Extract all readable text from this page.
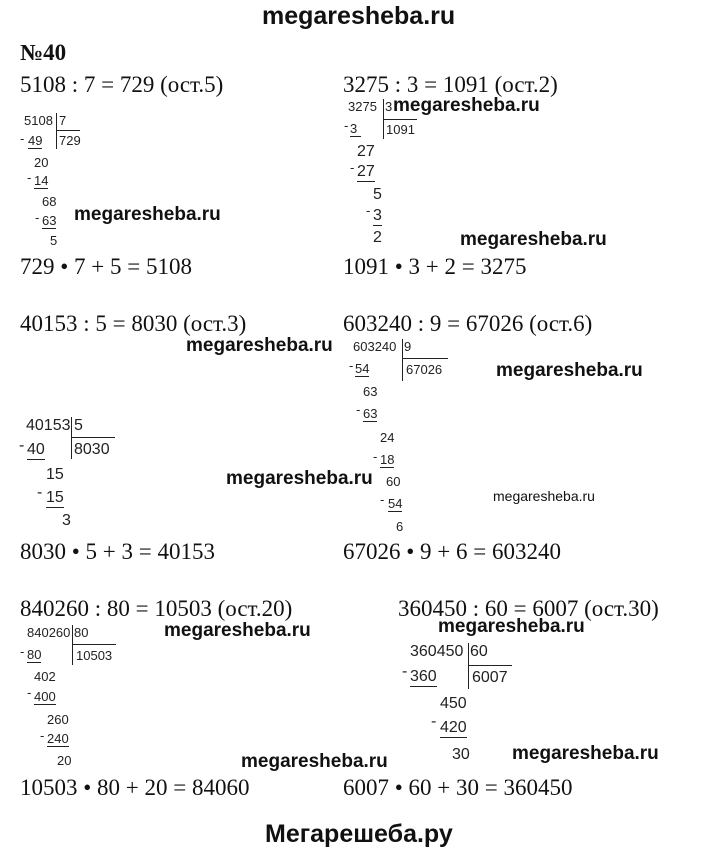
megaresheba.ru
№40
5108 : 7 = 729 (ост.5)
5108 7
729
- 49
20
- 14
68
- 63
5
megaresheba.ru
729 • 7 + 5 = 5108
3275 : 3 = 1091 (ост.2)
3275 3
1091
- 3
27
- 27
5
- 3
2
megaresheba.ru
megaresheba.ru
1091 • 3 + 2 = 3275
40153 : 5 = 8030 (ост.3)
megaresheba.ru
40153 5
8030
- 40
15
- 15
3
megaresheba.ru
8030 • 5 + 3 = 40153
603240 : 9 = 67026 (ост.6)
603240 9
67026
- 54
63
- 63
24
- 18
60
- 54
6
megaresheba.ru
megaresheba.ru
67026 • 9 + 6 = 603240
840260 : 80 = 10503 (ост.20)
840260 80
10503
- 80
402
- 400
260
- 240
20
megaresheba.ru
megaresheba.ru
10503 • 80 + 20 = 84060
360450 : 60 = 6007 (ост.30)
360450 60
6007
- 360
450
- 420
30
megaresheba.ru
megaresheba.ru
6007 • 60 + 30 = 360450
Мегарешеба.ру
